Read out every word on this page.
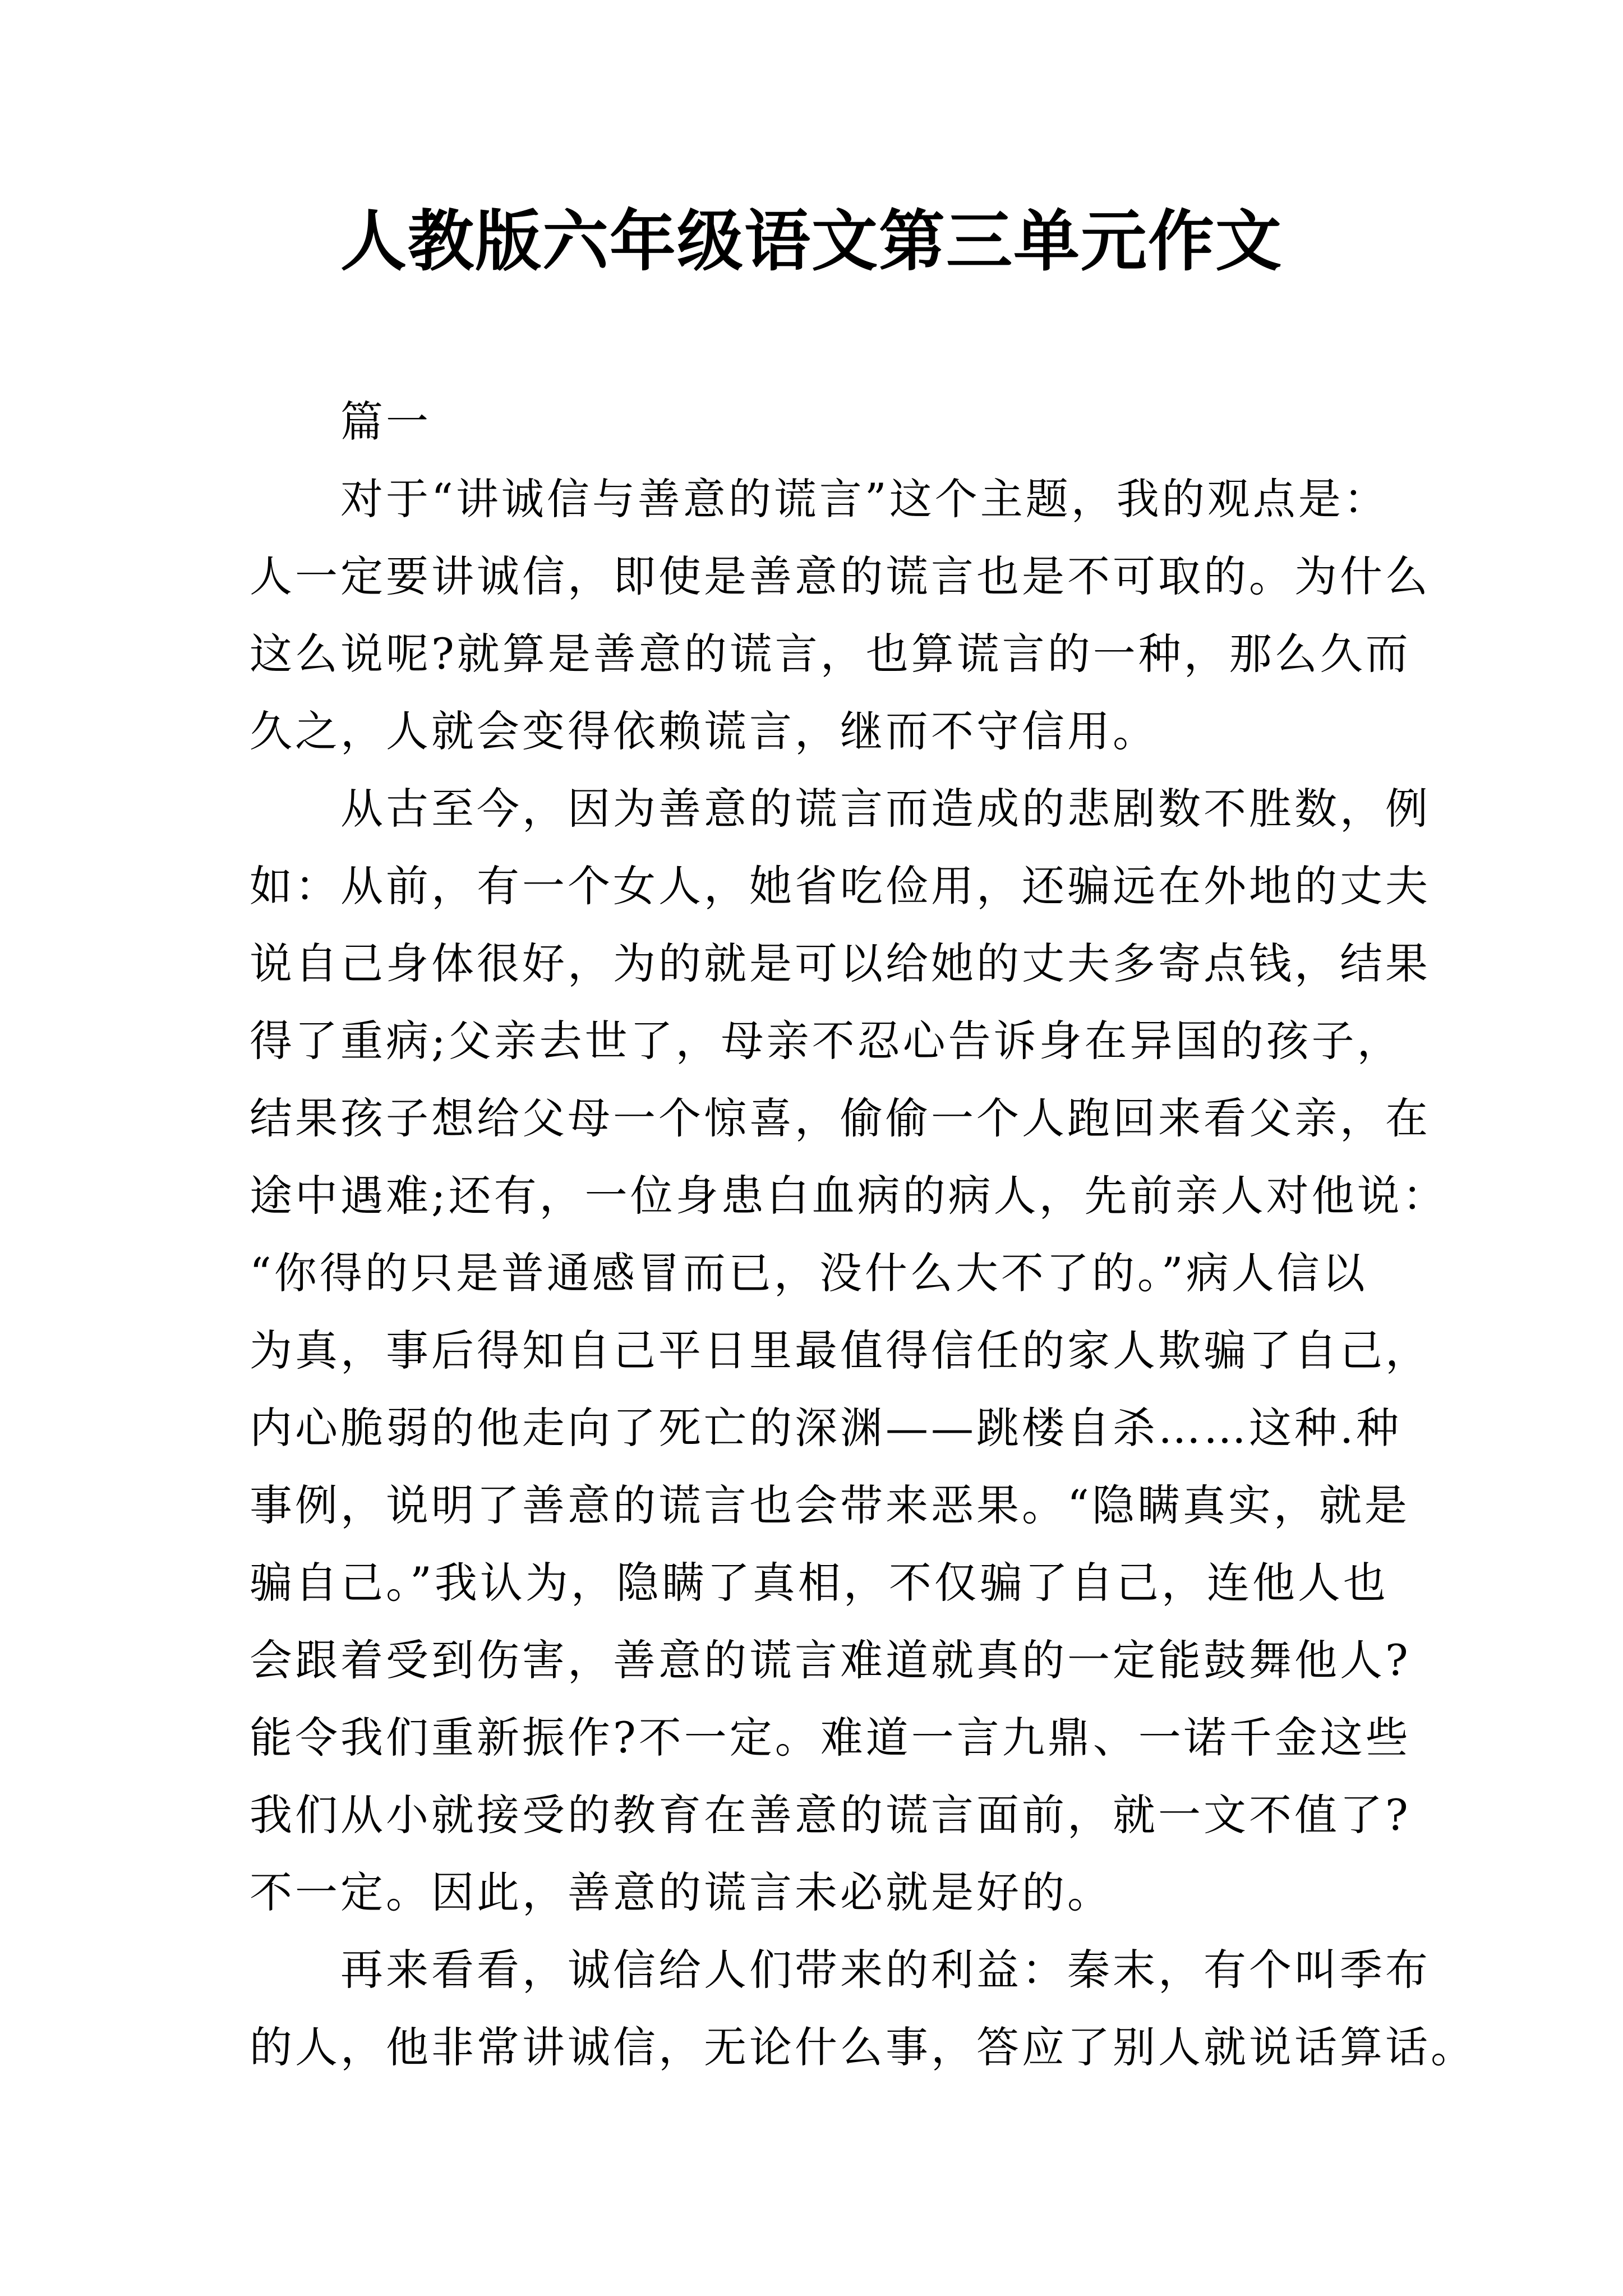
人教版六年级语文第三单元作文
篇一
对于“讲诚信与善意的谎言”这个主题，我的观点是：
人一定要讲诚信，即使是善意的谎言也是不可取的。为什么
这么说呢?就算是善意的谎言，也算谎言的一种，那么久而
久之，人就会变得依赖谎言，继而不守信用。
从古至今，因为善意的谎言而造成的悲剧数不胜数，例
如：从前，有一个女人，她省吃俭用，还骗远在外地的丈夫
说自己身体很好，为的就是可以给她的丈夫多寄点钱，结果
得了重病;父亲去世了，母亲不忍心告诉身在异国的孩子，
结果孩子想给父母一个惊喜，偷偷一个人跑回来看父亲，在
途中遇难;还有，一位身患白血病的病人，先前亲人对他说：
“你得的只是普通感冒而已，没什么大不了的。”病人信以
为真，事后得知自己平日里最值得信任的家人欺骗了自己，
内心脆弱的他走向了死亡的深渊——跳楼自杀……这种.种
事例，说明了善意的谎言也会带来恶果。“隐瞒真实，就是
骗自己。”我认为，隐瞒了真相，不仅骗了自己，连他人也
会跟着受到伤害，善意的谎言难道就真的一定能鼓舞他人?
能令我们重新振作?不一定。难道一言九鼎、一诺千金这些
我们从小就接受的教育在善意的谎言面前，就一文不值了?
不一定。因此，善意的谎言未必就是好的。
再来看看，诚信给人们带来的利益：秦末，有个叫季布
的人，他非常讲诚信，无论什么事，答应了别人就说话算话。
